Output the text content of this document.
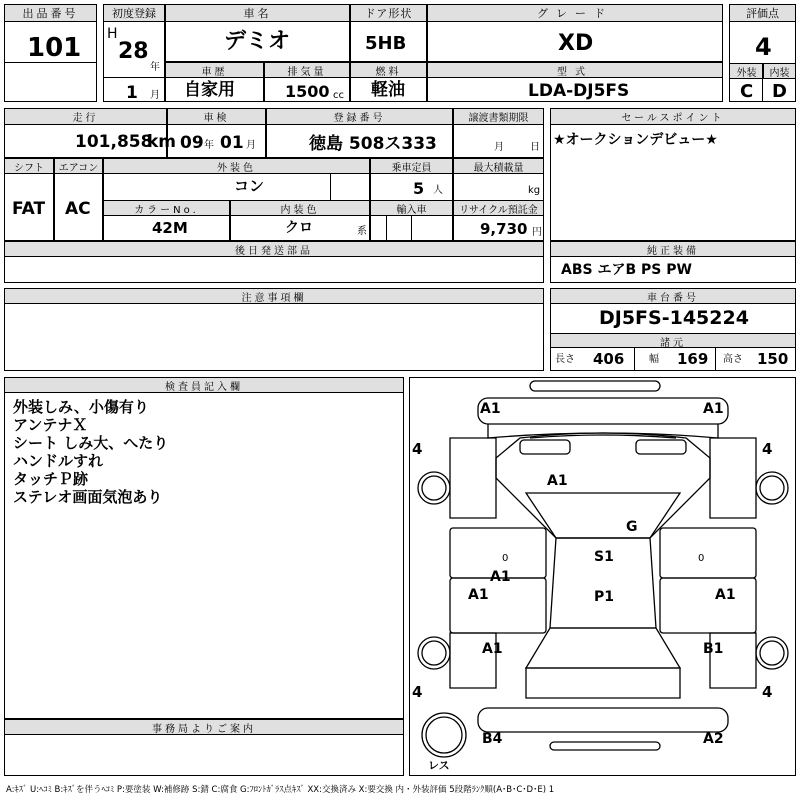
出品番号
101
初度登録
H
28
年
1 月
車名
デミオ
ドア形状
5HB
グレード
XD
評価点
4
外装	内装
C D
車歴
自家用
排気量
1500 cc
燃料
軽油
型式
LDA-DJ5FS
走行
101,858
km
車検
09 年 01 月
登録番号
徳島 508ス333
譲渡書類期限
月	日
セールスポイント
★オークションデビュー★
シフト
FAT
エアコン
AC
外装色
コン
乗車定員
5 人
最大積載量
kg
カラーNo.
42M
内装色
クロ	系
輸入車	リサイクル預託金
9,730 円
後日発送部品	純正装備
ABS エアB PS PW
注意事項欄	車台番号
DJ5FS-145224
諸元
長さ 406 幅 169 高さ 150
検査員記入欄
外装しみ、小傷有り
アンテナＸ
シート しみ大、へたり
ハンドルすれ
タッチＰ跡
ステレオ画面気泡あり
事務局よりご案内
4	4
4	4
A1	A1
A1
G
S1
A1
A1	P1	A1
A1	B1
B4	A2
0	0
レス
A:ｷｽﾞ U:ﾍｺﾐ B:ｷｽﾞを伴うﾍｺﾐ P:要塗装 W:補修跡 S:錆 C:腐食 G:ﾌﾛﾝﾄｶﾞﾗｽ点ｷｽﾞ XX:交換済み X:要交換 内・外装評価 5段階ﾗﾝｸ順(A･B･C･D･E) 1
